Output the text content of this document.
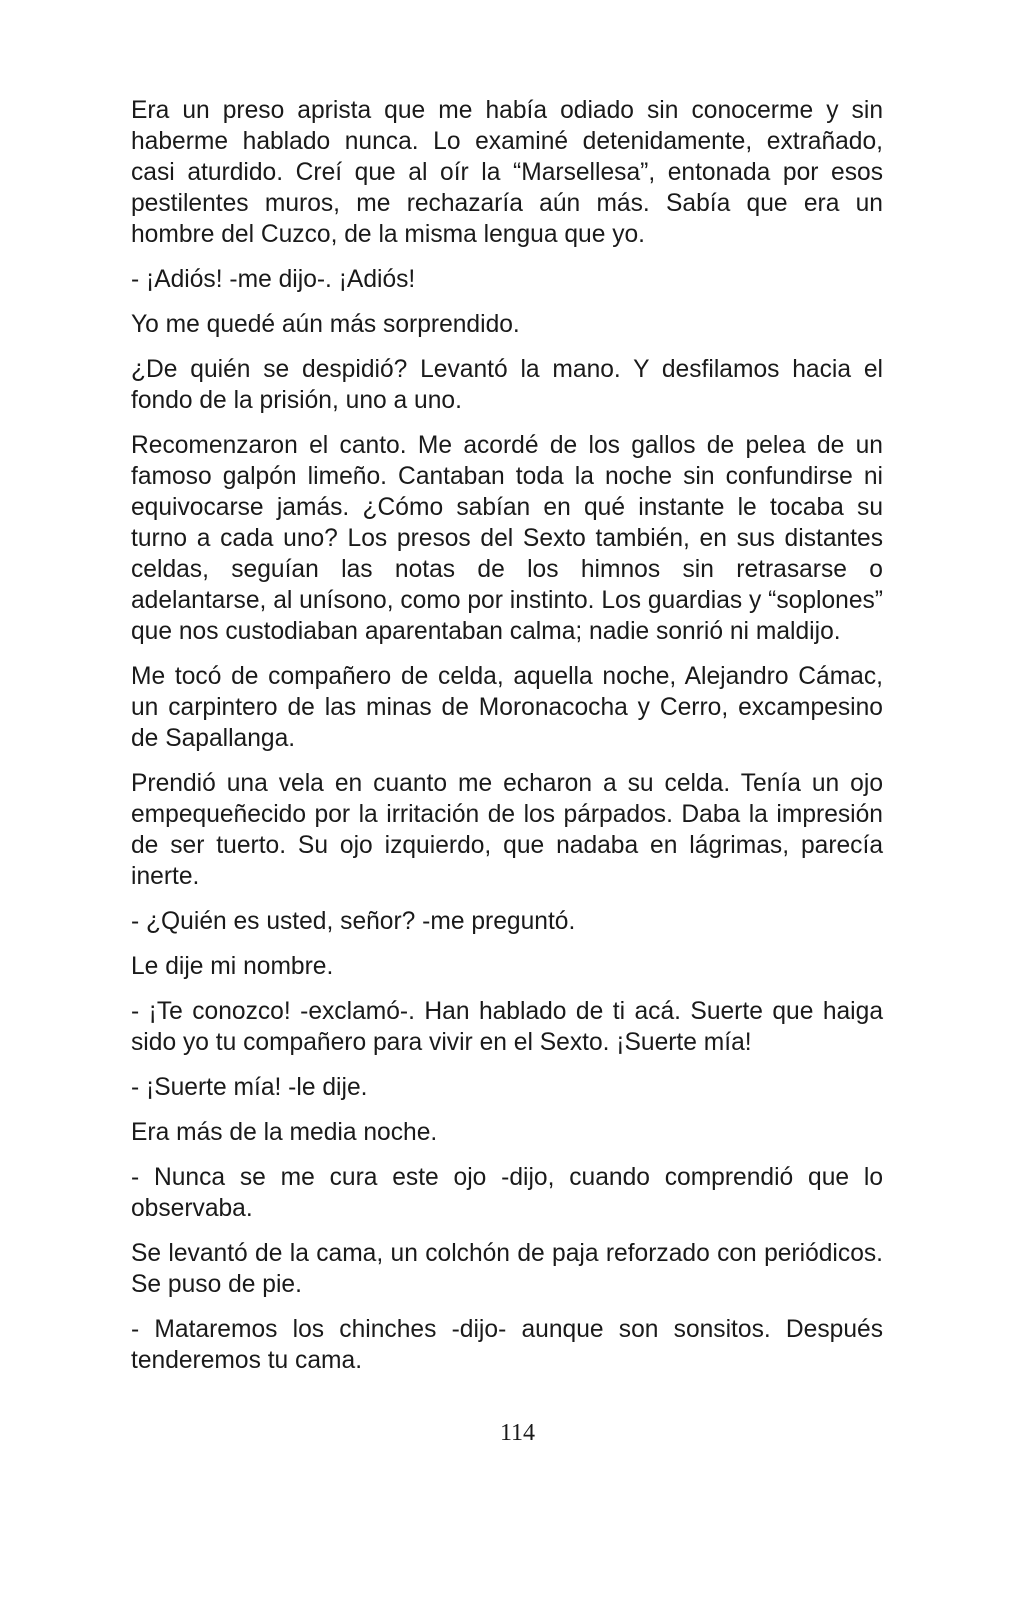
Era un preso aprista que me había odiado sin conocerme y sin haberme hablado nunca. Lo examiné detenidamente, extrañado, casi aturdido. Creí que al oír la “Marsellesa”, entonada por esos pestilentes muros, me rechazaría aún más. Sabía que era un hombre del Cuzco, de la misma lengua que yo.

- ¡Adiós! -me dijo-. ¡Adiós!

Yo me quedé aún más sorprendido.

¿De quién se despidió? Levantó la mano. Y desfilamos hacia el fondo de la prisión, uno a uno.

Recomenzaron el canto. Me acordé de los gallos de pelea de un famoso galpón limeño. Cantaban toda la noche sin confundirse ni equivocarse jamás. ¿Cómo sabían en qué instante le tocaba su turno a cada uno? Los presos del Sexto también, en sus distantes celdas, seguían las notas de los himnos sin retrasarse o adelantarse, al unísono, como por instinto. Los guardias y “soplones” que nos custodiaban aparentaban calma; nadie sonrió ni maldijo.

Me tocó de compañero de celda, aquella noche, Alejandro Cámac, un carpintero de las minas de Moronacocha y Cerro, excampesino de Sapallanga.

Prendió una vela en cuanto me echaron a su celda. Tenía un ojo empequeñecido por la irritación de los párpados. Daba la impresión de ser tuerto. Su ojo izquierdo, que nadaba en lágrimas, parecía inerte.

- ¿Quién es usted, señor? -me preguntó.

Le dije mi nombre.

- ¡Te conozco! -exclamó-. Han hablado de ti acá. Suerte que haiga sido yo tu compañero para vivir en el Sexto. ¡Suerte mía!

- ¡Suerte mía! -le dije.

Era más de la media noche.

- Nunca se me cura este ojo -dijo, cuando comprendió que lo observaba.

Se levantó de la cama, un colchón de paja reforzado con periódicos. Se puso de pie.

- Mataremos los chinches -dijo- aunque son sonsitos. Después tenderemos tu cama.

114
